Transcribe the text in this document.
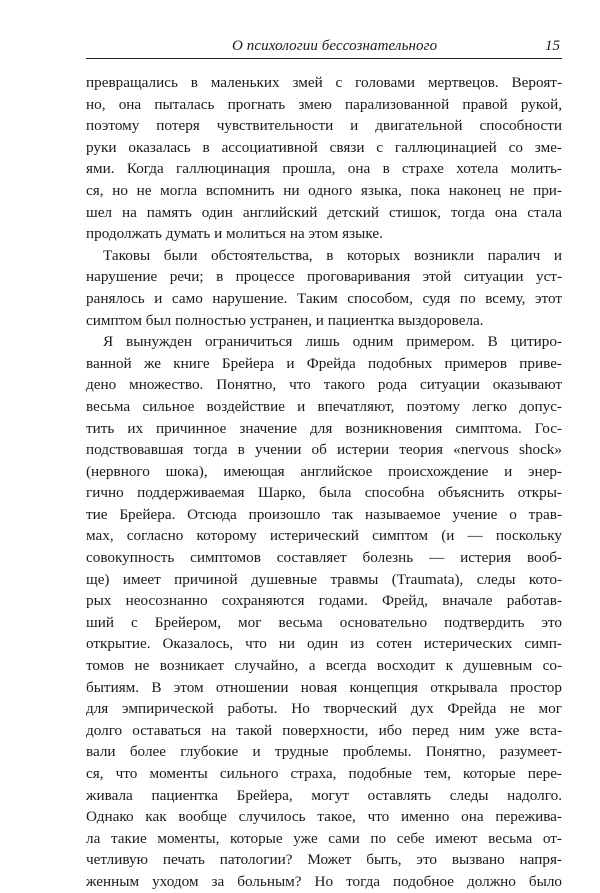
О психологии бессознательного	15
превращались в маленьких змей с головами мертвецов. Вероят-
но, она пыталась прогнать змею парализованной правой рукой,
поэтому потеря чувствительности и двигательной способности
руки оказалась в ассоциативной связи с галлюцинацией со зме-
ями. Когда галлюцинация прошла, она в страхе хотела молить-
ся, но не могла вспомнить ни одного языка, пока наконец не при-
шел на память один английский детский стишок, тогда она стала
продолжать думать и молиться на этом языке.
Таковы были обстоятельства, в которых возникли паралич и
нарушение речи; в процессе проговаривания этой ситуации уст-
ранялось и само нарушение. Таким способом, судя по всему, этот
симптом был полностью устранен, и пациентка выздоровела.
Я вынужден ограничиться лишь одним примером. В цитиро-
ванной же книге Брейера и Фрейда подобных примеров приве-
дено множество. Понятно, что такого рода ситуации оказывают
весьма сильное воздействие и впечатляют, поэтому легко допус-
тить их причинное значение для возникновения симптома. Гос-
подствовавшая тогда в учении об истерии теория «nervous shock»
(нервного шока), имеющая английское происхождение и энер-
гично поддерживаемая Шарко, была способна объяснить откры-
тие Брейера. Отсюда произошло так называемое учение о трав-
мах, согласно которому истерический симптом (и — поскольку
совокупность симптомов составляет болезнь — истерия вооб-
ще) имеет причиной душевные травмы (Traumata), следы кото-
рых неосознанно сохраняются годами. Фрейд, вначале работав-
ший с Брейером, мог весьма основательно подтвердить это
открытие. Оказалось, что ни один из сотен истерических симп-
томов не возникает случайно, а всегда восходит к душевным со-
бытиям. В этом отношении новая концепция открывала простор
для эмпирической работы. Но творческий дух Фрейда не мог
долго оставаться на такой поверхности, ибо перед ним уже вста-
вали более глубокие и трудные проблемы. Понятно, разумеет-
ся, что моменты сильного страха, подобные тем, которые пере-
живала пациентка Брейера, могут оставлять следы надолго.
Однако как вообще случилось такое, что именно она пережива-
ла такие моменты, которые уже сами по себе имеют весьма от-
четливую печать патологии? Может быть, это вызвано напря-
женным уходом за больным? Но тогда подобное должно было
